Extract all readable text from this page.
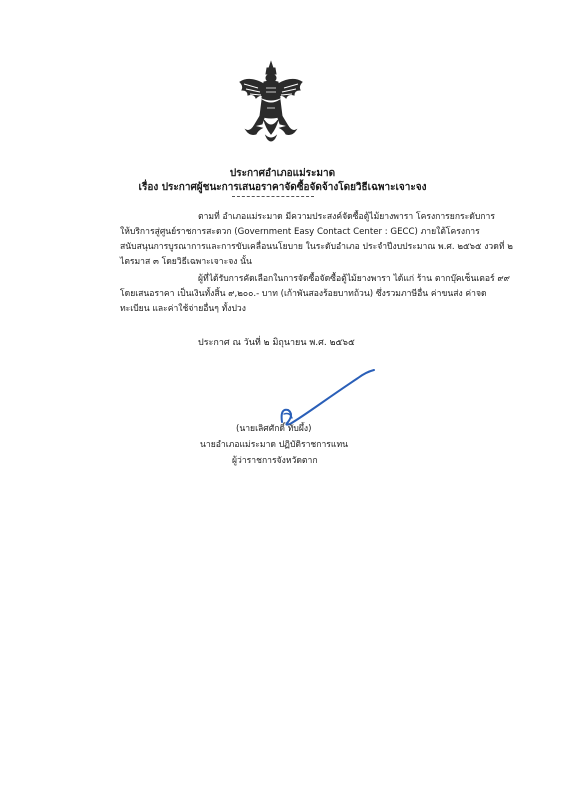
ประกาศอำเภอแม่ระมาด
เรื่อง ประกาศผู้ชนะการเสนอราคาจัดซื้อจัดจ้างโดยวิธีเฉพาะเจาะจง
ตามที่ อำเภอแม่ระมาด มีความประสงค์จัดซื้อตู้ไม้ยางพารา โครงการยกระดับการ
ให้บริการสู่ศูนย์ราชการสะดวก (Government Easy Contact Center : GECC) ภายใต้โครงการ
สนับสนุนการบูรณาการและการขับเคลื่อนนโยบาย ในระดับอำเภอ ประจำปีงบประมาณ พ.ศ. ๒๕๖๕ งวดที่ ๒
ไตรมาส ๓ โดยวิธีเฉพาะเจาะจง นั้น
ผู้ที่ได้รับการคัดเลือกในการจัดซื้อจัดซื้อตู้ไม้ยางพารา ได้แก่ ร้าน ตากบุ๊คเซ็นเตอร์ ๙๙
โดยเสนอราคา เป็นเงินทั้งสิ้น ๙,๒๐๐.- บาท (เก้าพันสองร้อยบาทถ้วน) ซึ่งรวมภาษีอื่น ค่าขนส่ง ค่าจด
ทะเบียน และค่าใช้จ่ายอื่นๆ ทั้งปวง
ประกาศ ณ วันที่ ๒ มิถุนายน พ.ศ. ๒๕๖๕
(นายเลิศศักดิ์ ทับผึ้ง)
นายอำเภอแม่ระมาด ปฏิบัติราชการแทน
ผู้ว่าราชการจังหวัดตาก
